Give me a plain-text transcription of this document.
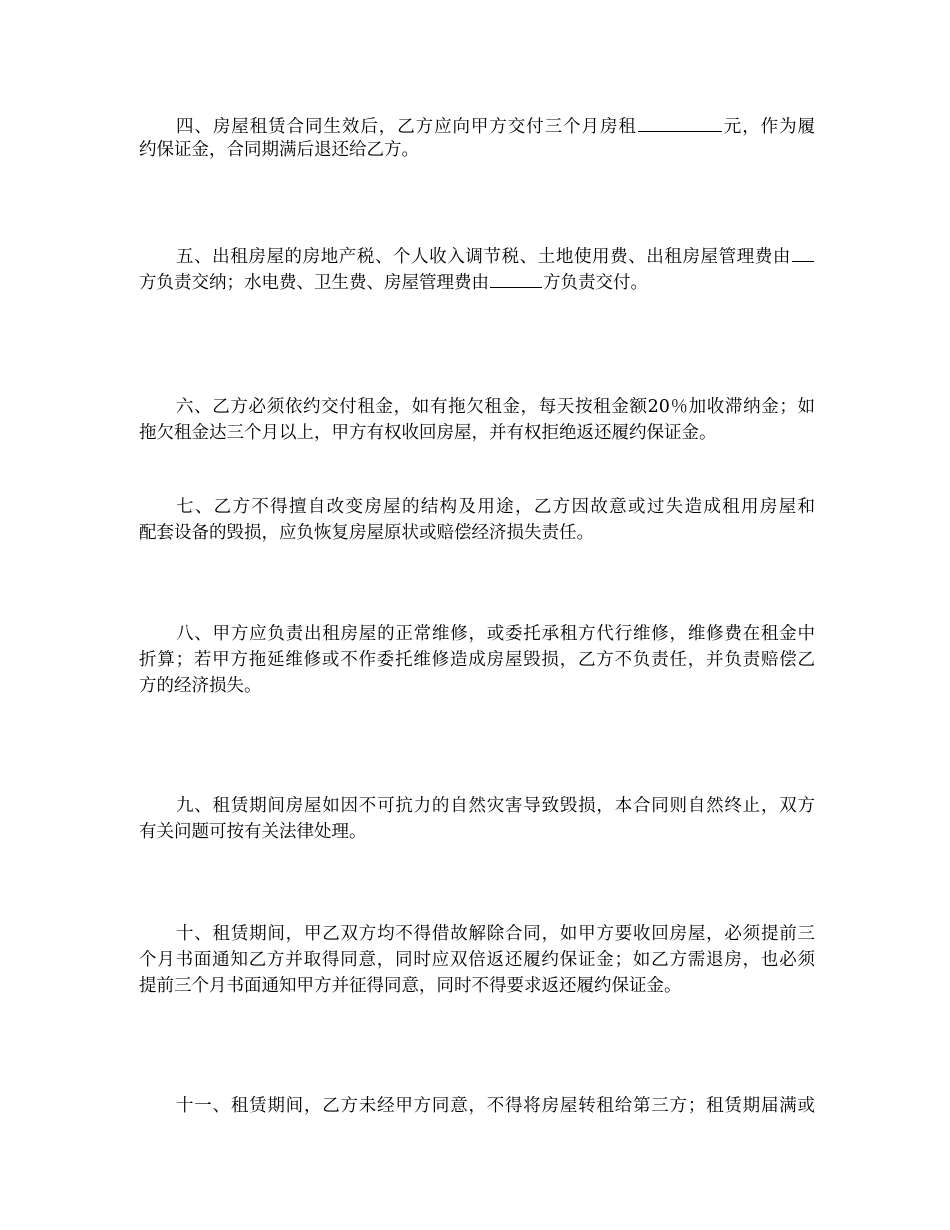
四、房屋租赁合同生效后，乙方应向甲方交付三个月房租	元，作为履
约保证金，合同期满后退还给乙方。
五、出租房屋的房地产税、个人收入调节税、土地使用费、出租房屋管理费由
方负责交纳；水电费、卫生费、房屋管理费由	方负责交付。
六、乙方必须依约交付租金，如有拖欠租金，每天按租金额20％加收滞纳金；如
拖欠租金达三个月以上，甲方有权收回房屋，并有权拒绝返还履约保证金。
七、乙方不得擅自改变房屋的结构及用途，乙方因故意或过失造成租用房屋和
配套设备的毁损，应负恢复房屋原状或赔偿经济损失责任。
八、甲方应负责出租房屋的正常维修，或委托承租方代行维修，维修费在租金中
折算；若甲方拖延维修或不作委托维修造成房屋毁损，乙方不负责任，并负责赔偿乙
方的经济损失。
九、租赁期间房屋如因不可抗力的自然灾害导致毁损，本合同则自然终止，双方
有关问题可按有关法律处理。
十、租赁期间，甲乙双方均不得借故解除合同，如甲方要收回房屋，必须提前三
个月书面通知乙方并取得同意，同时应双倍返还履约保证金；如乙方需退房，也必须
提前三个月书面通知甲方并征得同意，同时不得要求返还履约保证金。
十一、租赁期间，乙方未经甲方同意，不得将房屋转租给第三方；租赁期届满或
